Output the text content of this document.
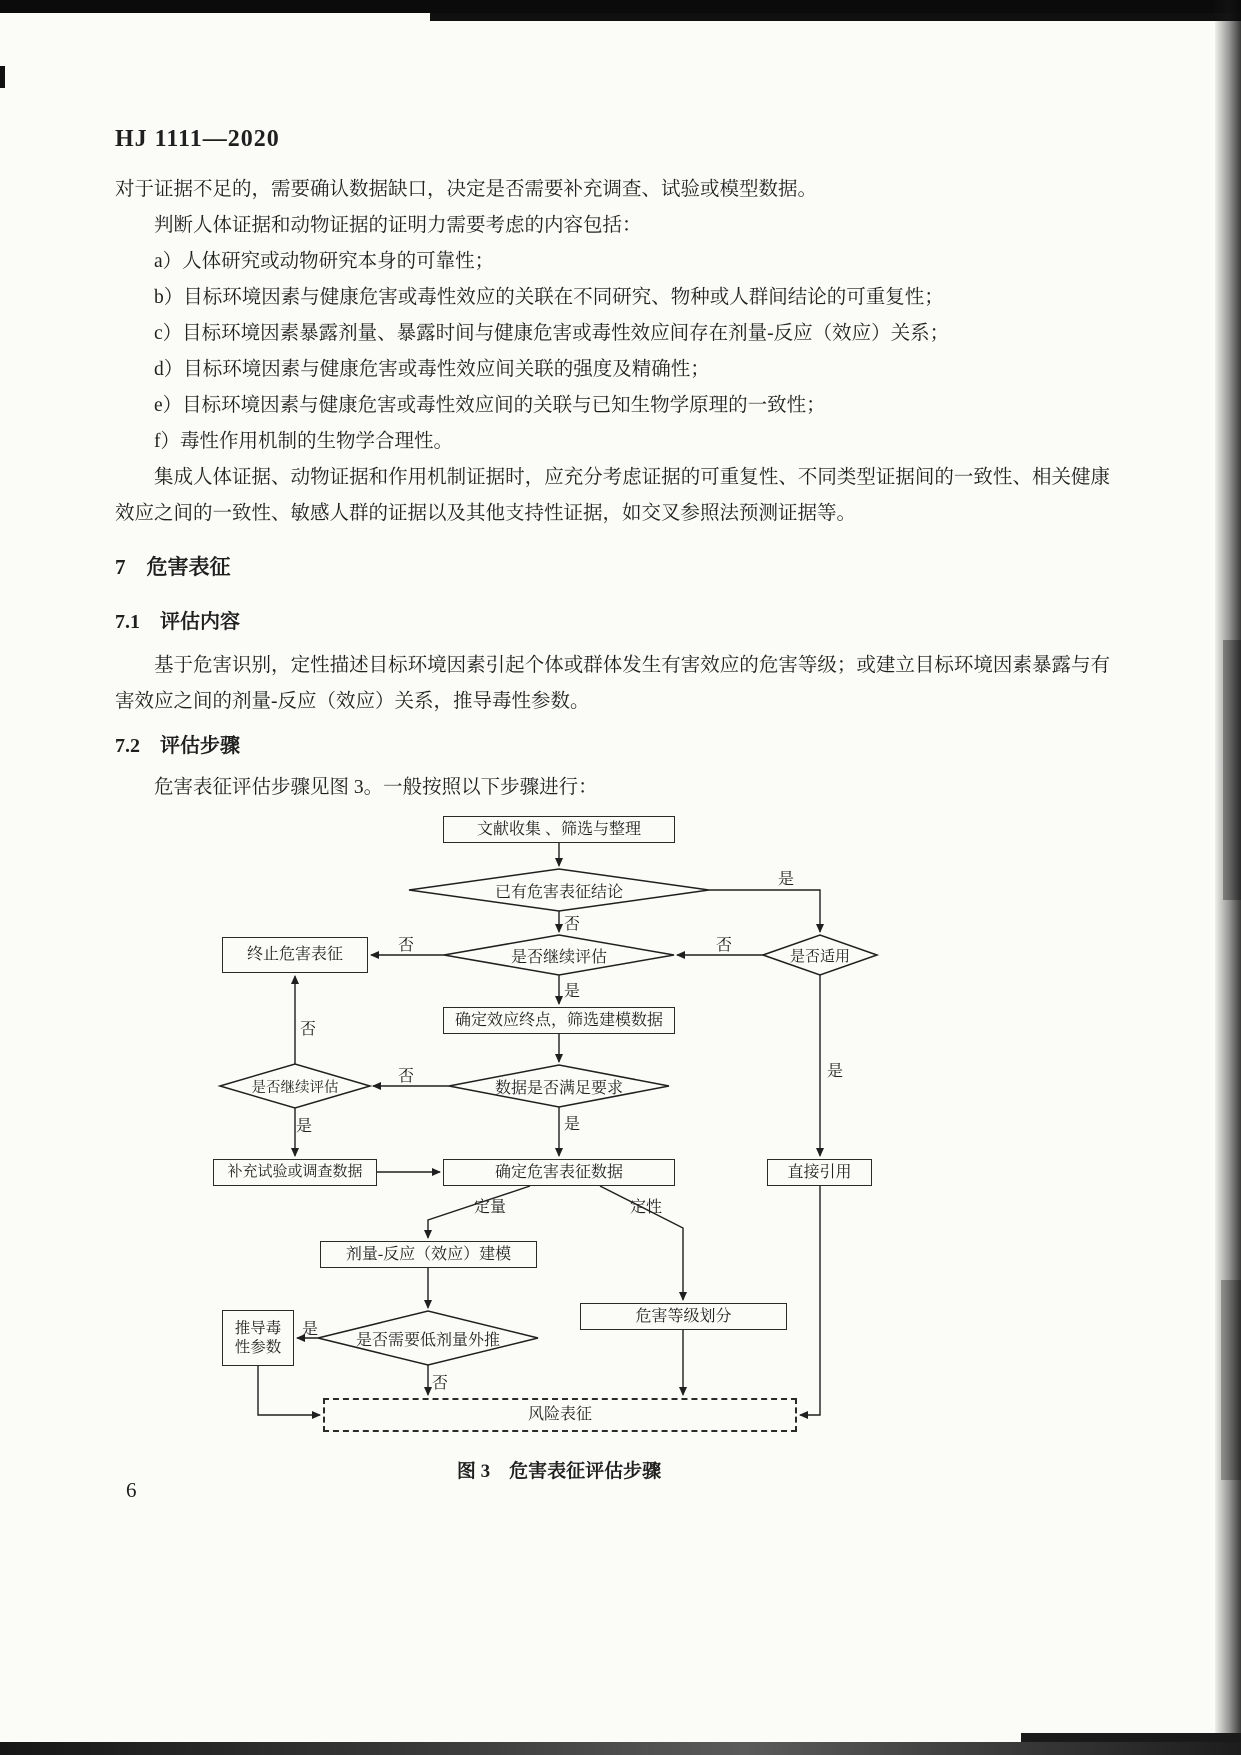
HJ 1111—2020

对于证据不足的，需要确认数据缺口，决定是否需要补充调查、试验或模型数据。

判断人体证据和动物证据的证明力需要考虑的内容包括：

a）人体研究或动物研究本身的可靠性；

b）目标环境因素与健康危害或毒性效应的关联在不同研究、物种或人群间结论的可重复性；

c）目标环境因素暴露剂量、暴露时间与健康危害或毒性效应间存在剂量-反应（效应）关系；

d）目标环境因素与健康危害或毒性效应间关联的强度及精确性；

e）目标环境因素与健康危害或毒性效应间的关联与已知生物学原理的一致性；

f）毒性作用机制的生物学合理性。

集成人体证据、动物证据和作用机制证据时，应充分考虑证据的可重复性、不同类型证据间的一致性、相关健康效应之间的一致性、敏感人群的证据以及其他支持性证据，如交叉参照法预测证据等。

7　危害表征
7.1　评估内容

基于危害识别，定性描述目标环境因素引起个体或群体发生有害效应的危害等级；或建立目标环境因素暴露与有害效应之间的剂量-反应（效应）关系，推导毒性参数。

7.2　评估步骤

危害表征评估步骤见图 3。一般按照以下步骤进行：

文献收集 、筛选与整理
终止危害表征
确定效应终点，筛选建模数据
补充试验或调查数据	确定危害表征数据	直接引用
剂量-反应（效应）建模
危害等级划分
推导毒性参数
风险表征
已有危害表征结论
是否继续评估	是否适用
数据是否满足要求
是否继续评估
是否需要低剂量外推
是
否
否	否
是
否
是
否
是	是
定量	定性
是
否
图 3　危害表征评估步骤
6
